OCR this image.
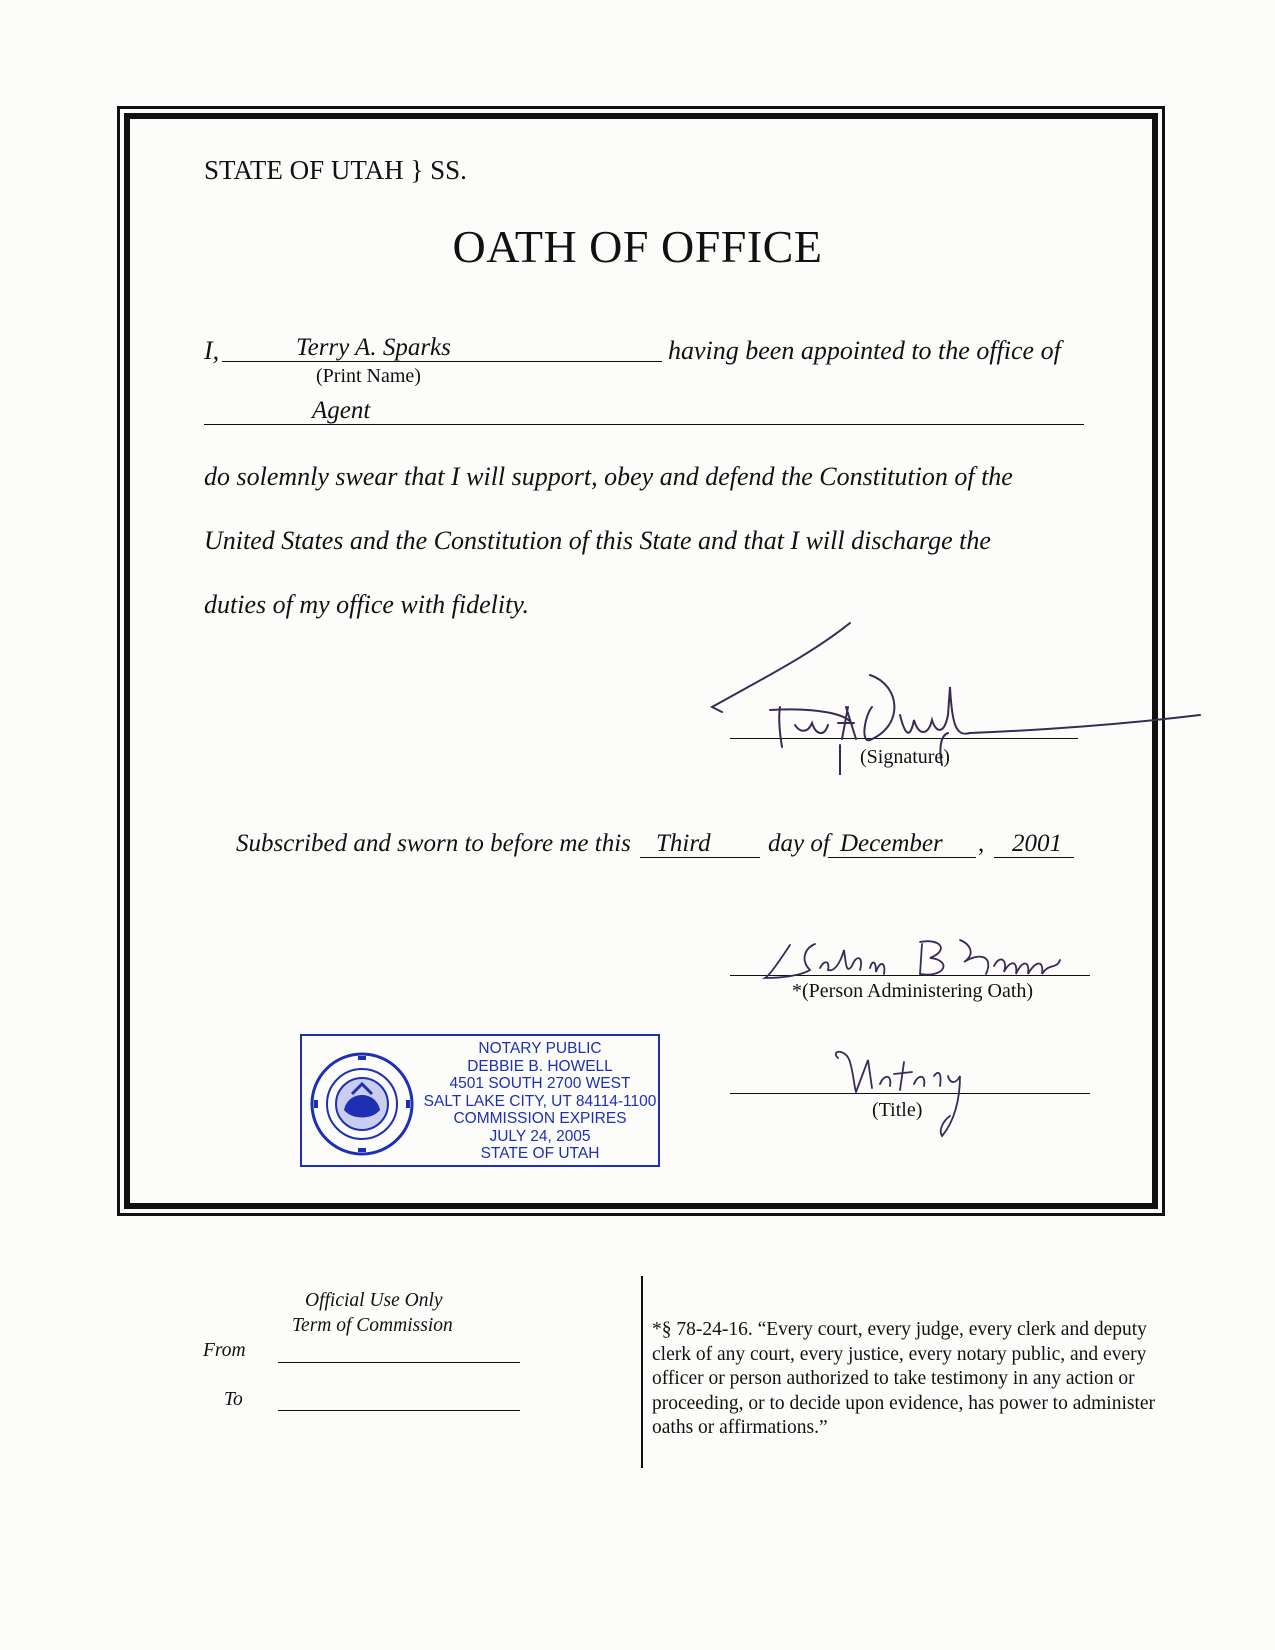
STATE OF UTAH } SS.
OATH OF OFFICE
I,	Terry A. Sparks
(Print Name)
having been appointed to the office of
Agent
do solemnly swear that I will support, obey and defend the Constitution of the
United States and the Constitution of this State and that I will discharge the
duties of my office with fidelity.
(Signature)
Subscribed and sworn to before me this Third day of December , 2001
*(Person Administering Oath)
(Title)
NOTARY PUBLIC
DEBBIE B. HOWELL
4501 SOUTH 2700 WEST
SALT LAKE CITY, UT 84114-1100
COMMISSION EXPIRES
JULY 24, 2005
STATE OF UTAH
Official Use Only
Term of Commission
From
To
*§ 78-24-16. “Every court, every judge, every clerk and deputy clerk of any court, every justice, every notary public, and every officer or person authorized to take testimony in any action or proceeding, or to decide upon evidence, has power to administer oaths or affirmations.”
